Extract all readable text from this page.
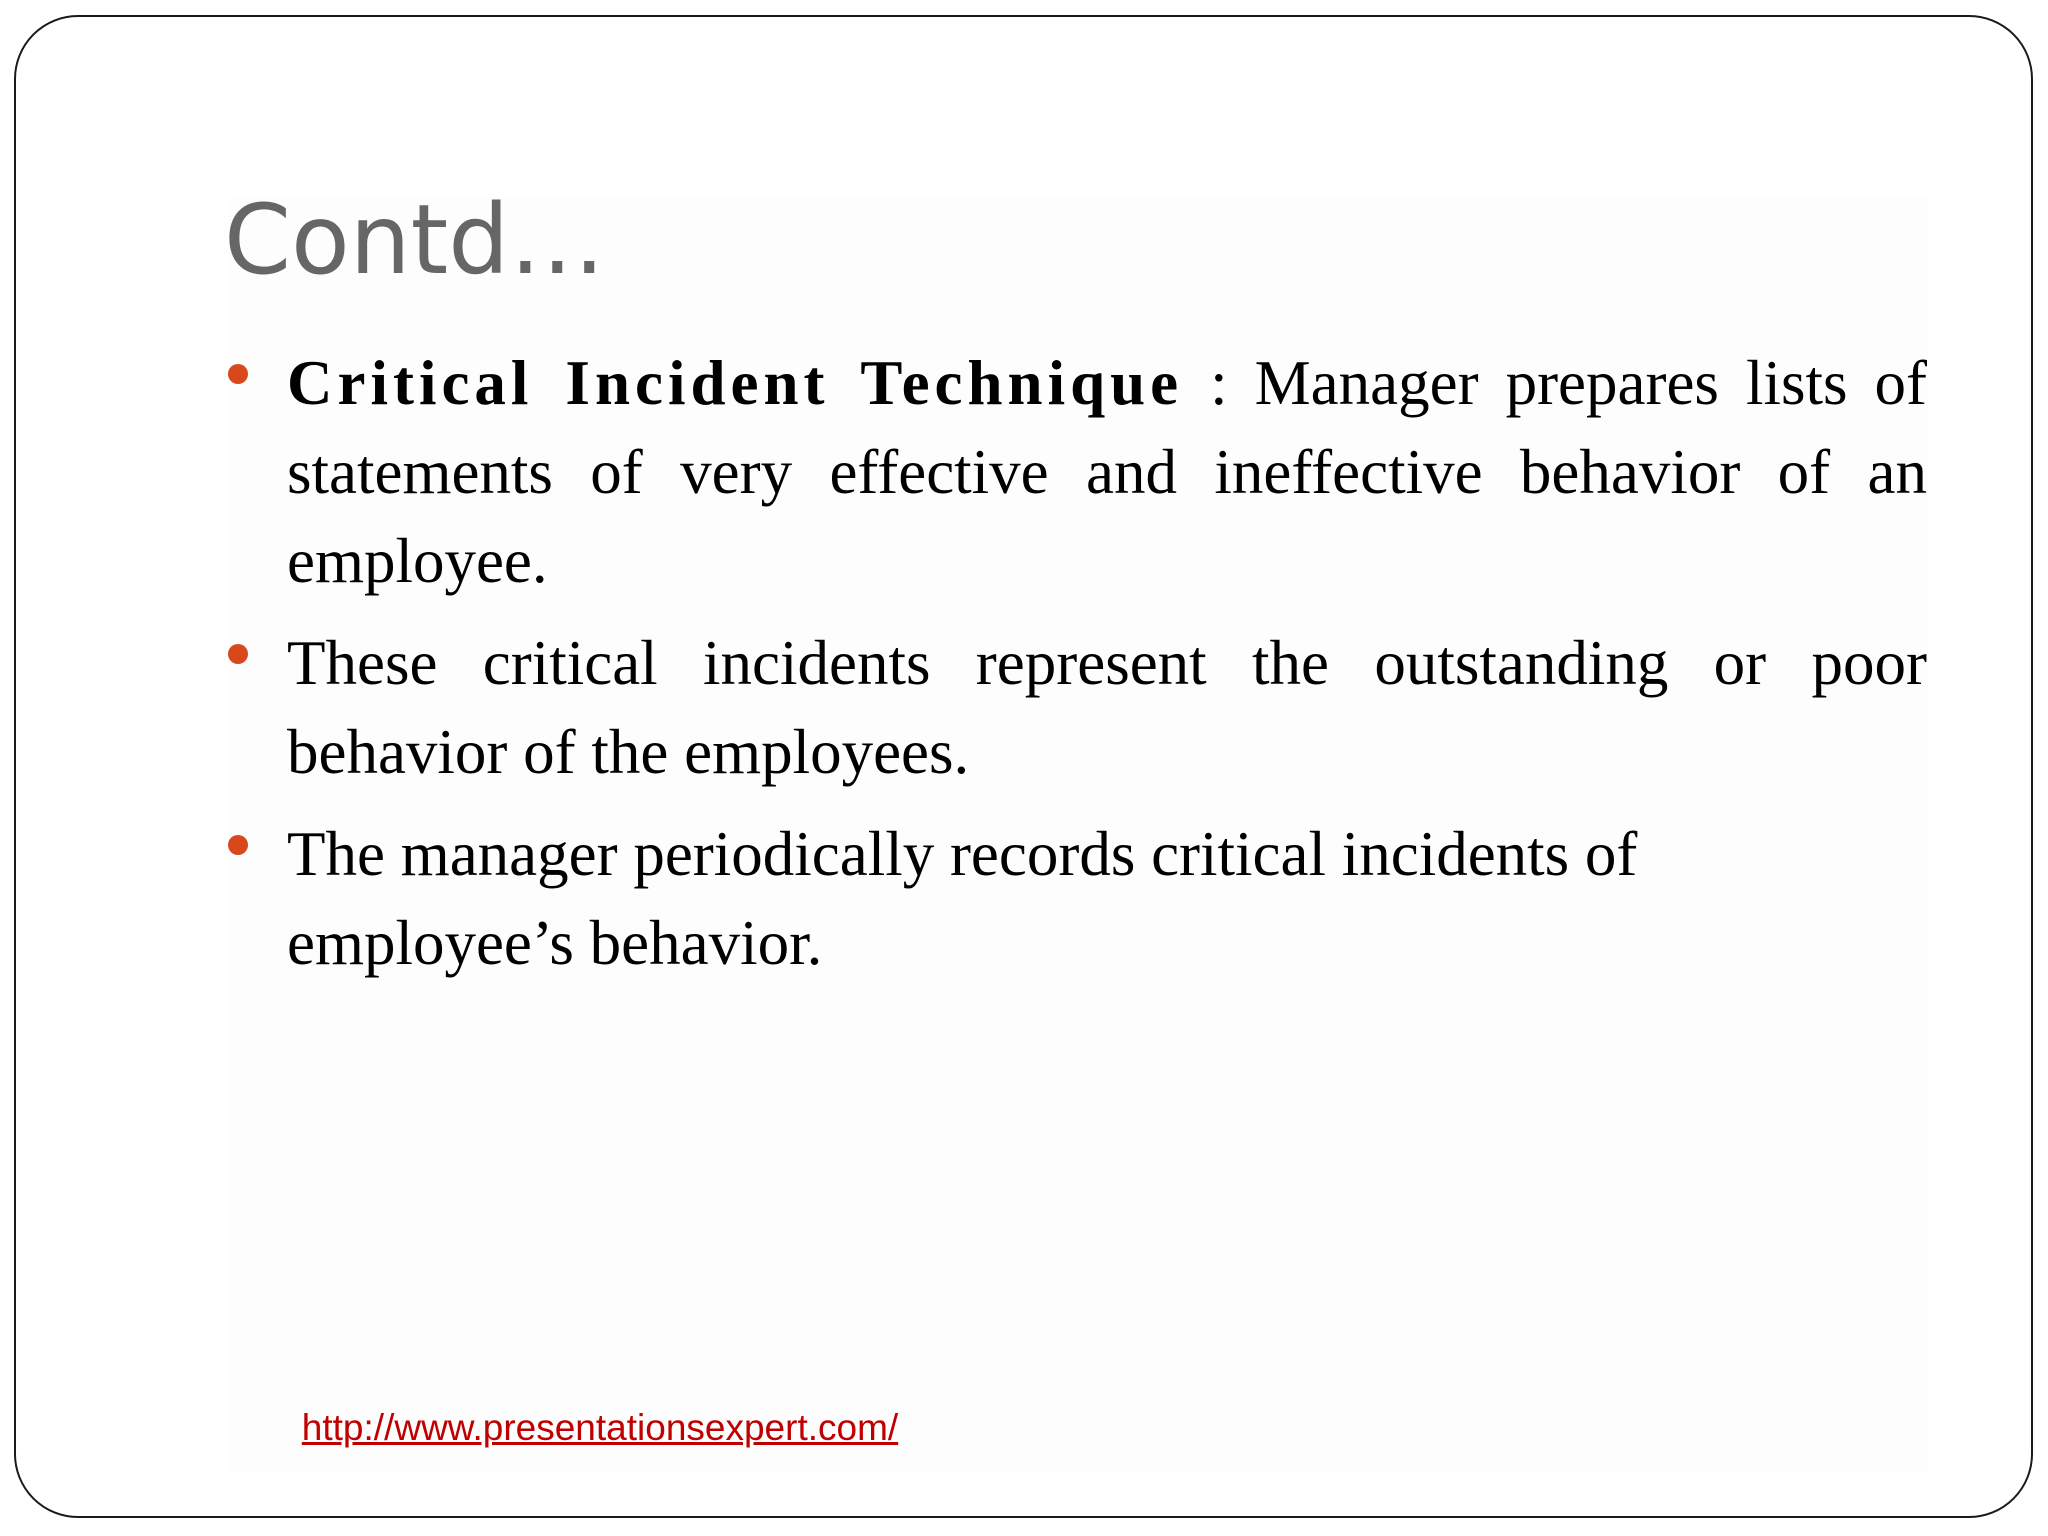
Contd…
Critical Incident Technique : Manager prepares lists of statements of very effective and ineffective behavior of an employee.
These critical incidents represent the outstanding or poor behavior of the employees.
The manager periodically records critical incidents of employee’s behavior.
http://www.presentationsexpert.com/
